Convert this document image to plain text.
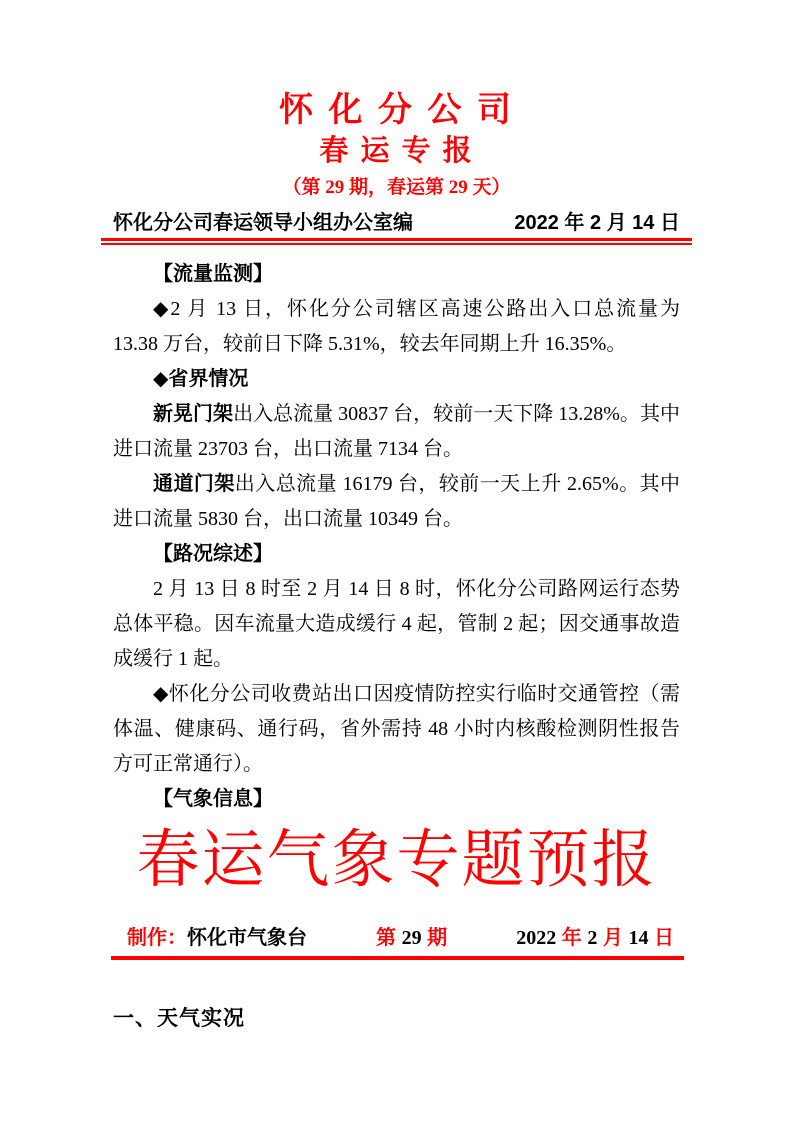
怀 化 分 公 司
春 运 专 报
（第 29 期，春运第 29 天）
怀化分公司春运领导小组办公室编	2022 年 2 月 14 日

【流量监测】

◆2 月 13 日，怀化分公司辖区高速公路出入口总流量为 13.38 万台，较前日下降 5.31%，较去年同期上升 16.35%。

◆省界情况

新晃门架出入总流量 30837 台，较前一天下降 13.28%。其中进口流量 23703 台，出口流量 7134 台。

通道门架出入总流量 16179 台，较前一天上升 2.65%。其中进口流量 5830 台，出口流量 10349 台。

【路况综述】

2 月 13 日 8 时至 2 月 14 日 8 时，怀化分公司路网运行态势总体平稳。因车流量大造成缓行 4 起，管制 2 起；因交通事故造成缓行 1 起。

◆怀化分公司收费站出口因疫情防控实行临时交通管控（需体温、健康码、通行码，省外需持 48 小时内核酸检测阴性报告方可正常通行）。

【气象信息】

春运气象专题预报
制作：怀化市气象台	第 29 期	2022 年 2 月 14 日
一、天气实况
